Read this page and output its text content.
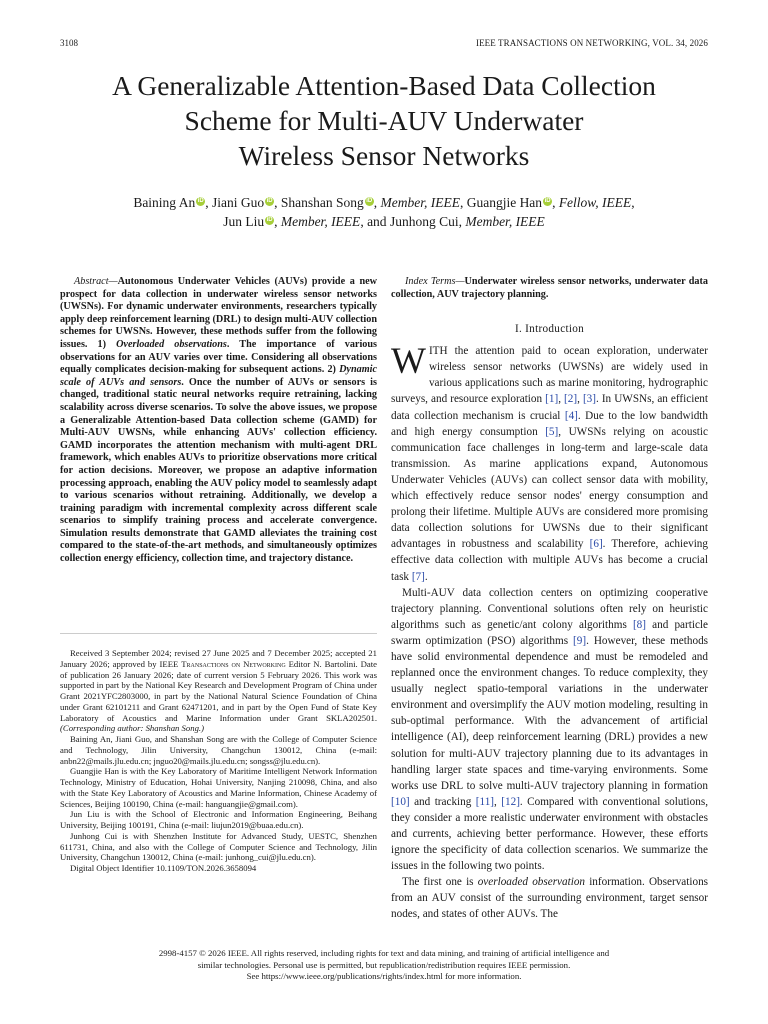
3108	IEEE TRANSACTIONS ON NETWORKING, VOL. 34, 2026
A Generalizable Attention-Based Data Collection
Scheme for Multi-AUV Underwater
Wireless Sensor Networks
Baining An iD , Jiani Guo iD , Shanshan Song iD , Member, IEEE, Guangjie Han iD , Fellow, IEEE,
Jun Liu iD , Member, IEEE, and Junhong Cui, Member, IEEE

Abstract—Autonomous Underwater Vehicles (AUVs) provide a new prospect for data collection in underwater wireless sensor networks (UWSNs). For dynamic underwater environments, researchers typically apply deep reinforcement learning (DRL) to design multi-AUV collection schemes for UWSNs. However, these methods suffer from the following issues. 1) Overloaded observations. The importance of various observations for an AUV varies over time. Considering all observations equally complicates decision-making for subsequent actions. 2) Dynamic scale of AUVs and sensors. Once the number of AUVs or sensors is changed, traditional static neural networks require retraining, lacking scalability across diverse scenarios. To solve the above issues, we propose a Generalizable Attention-based Data collection scheme (GAMD) for Multi-AUV UWSNs, while enhancing AUVs' collection efficiency. GAMD incorporates the attention mechanism with multi-agent DRL framework, which enables AUVs to prioritize observations more critical for action decisions. Moreover, we propose an adaptive information processing approach, enabling the AUV policy model to seamlessly adapt to various scenarios without retraining. Additionally, we develop a training paradigm with incremental complexity across different scale scenarios to simplify training process and accelerate convergence. Simulation results demonstrate that GAMD alleviates the training cost compared to the state-of-the-art methods, and simultaneously optimizes collection energy efficiency, collection time, and trajectory distance.

Received 3 September 2024; revised 27 June 2025 and 7 December 2025; accepted 21 January 2026; approved by IEEE Transactions on Networking Editor N. Bartolini. Date of publication 26 January 2026; date of current version 5 February 2026. This work was supported in part by the National Key Research and Development Program of China under Grant 2021YFC2803000, in part by the National Natural Science Foundation of China under Grant 62101211 and Grant 62471201, and in part by the Open Fund of State Key Laboratory of Acoustics and Marine Information under Grant SKLA202501. (Corresponding author: Shanshan Song.)

Baining An, Jiani Guo, and Shanshan Song are with the College of Computer Science and Technology, Jilin University, Changchun 130012, China (e-mail: anbn22@mails.jlu.edu.cn; jnguo20@mails.jlu.edu.cn; songss@jlu.edu.cn).

Guangjie Han is with the Key Laboratory of Maritime Intelligent Network Information Technology, Ministry of Education, Hohai University, Nanjing 210098, China, and also with the State Key Laboratory of Acoustics and Marine Information, Chinese Academy of Sciences, Beijing 100190, China (e-mail: hanguangjie@gmail.com).

Jun Liu is with the School of Electronic and Information Engineering, Beihang University, Beijing 100191, China (e-mail: liujun2019@buaa.edu.cn).

Junhong Cui is with Shenzhen Institute for Advanced Study, UESTC, Shenzhen 611731, China, and also with the College of Computer Science and Technology, Jilin University, Changchun 130012, China (e-mail: junhong_cui@jlu.edu.cn).

Digital Object Identifier 10.1109/TON.2026.3658094

Index Terms—Underwater wireless sensor networks, underwater data collection, AUV trajectory planning.

I. Introduction

WITH the attention paid to ocean exploration, underwater wireless sensor networks (UWSNs) are widely used in various applications such as marine monitoring, hydrographic surveys, and resource exploration [1], [2], [3]. In UWSNs, an efficient data collection mechanism is crucial [4]. Due to the low bandwidth and high energy consumption [5], UWSNs relying on acoustic communication face challenges in long-term and large-scale data transmission. As marine applications expand, Autonomous Underwater Vehicles (AUVs) can collect sensor data with mobility, which effectively reduce sensor nodes' energy consumption and prolong their lifetime. Multiple AUVs are considered more promising data collection solutions for UWSNs due to their significant advantages in robustness and scalability [6]. Therefore, achieving effective data collection with multiple AUVs has become a crucial task [7].

Multi-AUV data collection centers on optimizing cooperative trajectory planning. Conventional solutions often rely on heuristic algorithms such as genetic/ant colony algorithms [8] and particle swarm optimization (PSO) algorithms [9]. However, these methods have solid environmental dependence and must be remodeled and replanned once the environment changes. To reduce complexity, they usually neglect spatio-temporal variations in the underwater environment and oversimplify the AUV motion modeling, resulting in sub-optimal performance. With the advancement of artificial intelligence (AI), deep reinforcement learning (DRL) provides a new solution for multi-AUV trajectory planning due to its advantages in handling larger state spaces and time-varying environments. Some works use DRL to solve multi-AUV trajectory planning in formation [10] and tracking [11], [12]. Compared with conventional solutions, they consider a more realistic underwater environment with obstacles and currents, achieving better performance. However, these efforts ignore the specificity of data collection scenarios. We summarize the issues in the following two points.

The first one is overloaded observation information. Observations from an AUV consist of the surrounding environment, target sensor nodes, and states of other AUVs. The

2998-4157 © 2026 IEEE. All rights reserved, including rights for text and data mining, and training of artificial intelligence and
similar technologies. Personal use is permitted, but republication/redistribution requires IEEE permission.
See https://www.ieee.org/publications/rights/index.html for more information.
